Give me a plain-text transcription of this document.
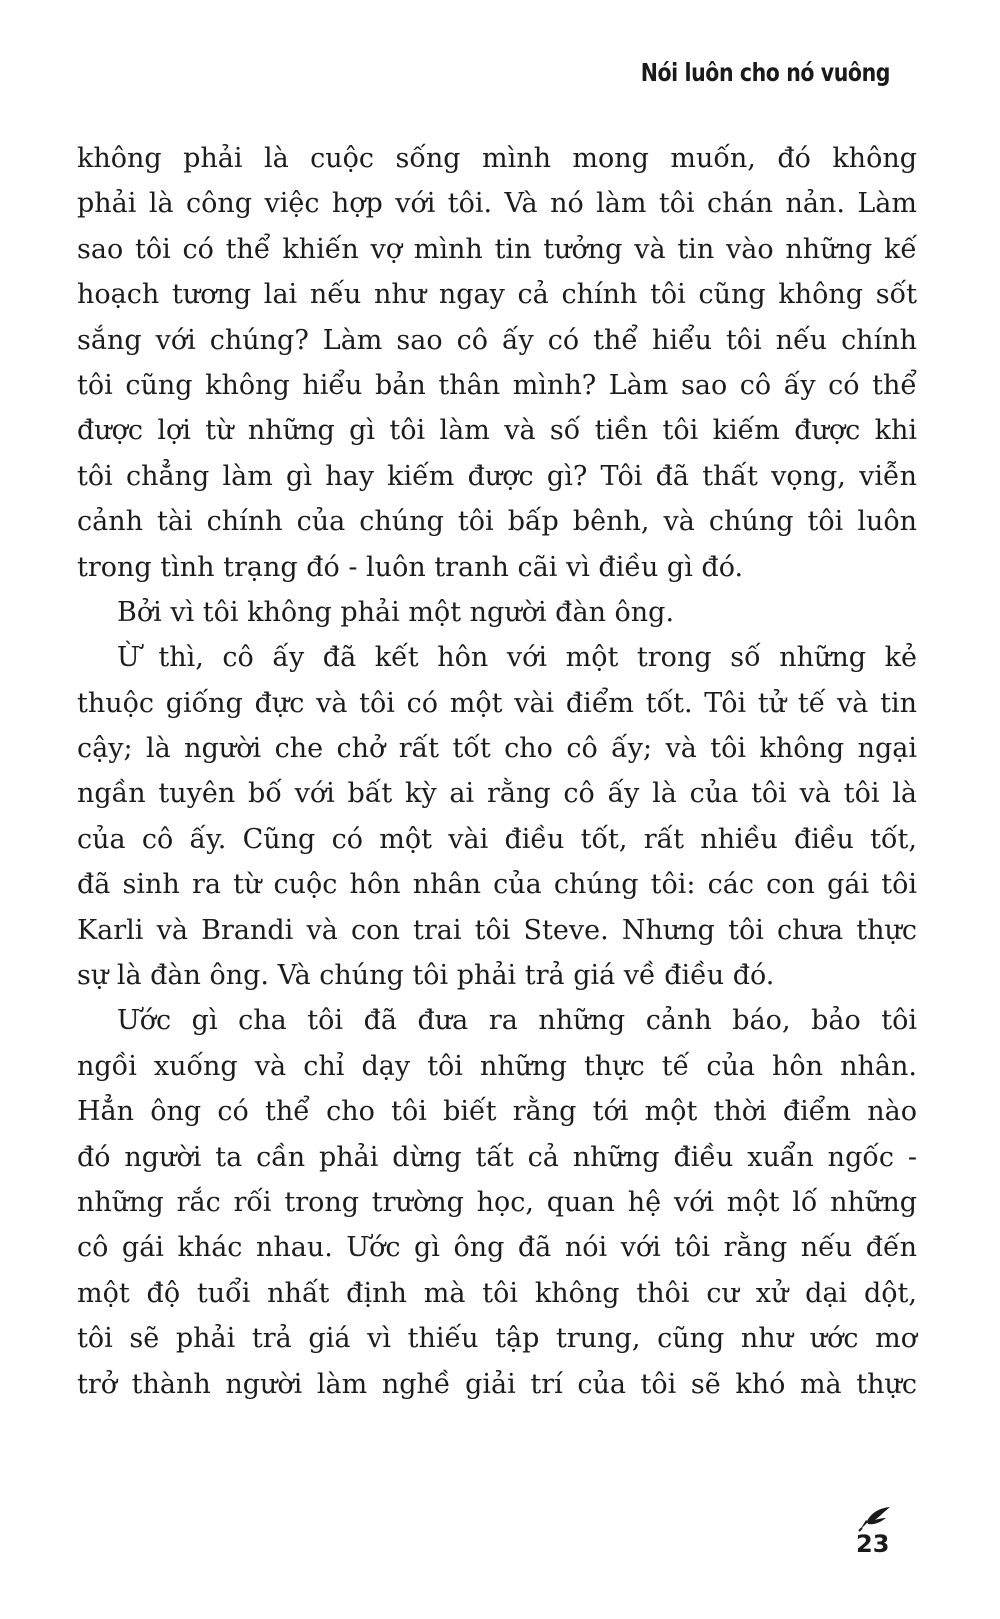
Nói luôn cho nó vuông
không phải là cuộc sống mình mong muốn, đó không
phải là công việc hợp với tôi. Và nó làm tôi chán nản. Làm
sao tôi có thể khiến vợ mình tin tưởng và tin vào những kế
hoạch tương lai nếu như ngay cả chính tôi cũng không sốt
sắng với chúng? Làm sao cô ấy có thể hiểu tôi nếu chính
tôi cũng không hiểu bản thân mình? Làm sao cô ấy có thể
được lợi từ những gì tôi làm và số tiền tôi kiếm được khi
tôi chẳng làm gì hay kiếm được gì? Tôi đã thất vọng, viễn
cảnh tài chính của chúng tôi bấp bênh, và chúng tôi luôn
trong tình trạng đó - luôn tranh cãi vì điều gì đó.
Bởi vì tôi không phải một người đàn ông.
Ừ thì, cô ấy đã kết hôn với một trong số những kẻ
thuộc giống đực và tôi có một vài điểm tốt. Tôi tử tế và tin
cậy; là người che chở rất tốt cho cô ấy; và tôi không ngại
ngần tuyên bố với bất kỳ ai rằng cô ấy là của tôi và tôi là
của cô ấy. Cũng có một vài điều tốt, rất nhiều điều tốt,
đã sinh ra từ cuộc hôn nhân của chúng tôi: các con gái tôi
Karli và Brandi và con trai tôi Steve. Nhưng tôi chưa thực
sự là đàn ông. Và chúng tôi phải trả giá về điều đó.
Ước gì cha tôi đã đưa ra những cảnh báo, bảo tôi
ngồi xuống và chỉ dạy tôi những thực tế của hôn nhân.
Hẳn ông có thể cho tôi biết rằng tới một thời điểm nào
đó người ta cần phải dừng tất cả những điều xuẩn ngốc -
những rắc rối trong trường học, quan hệ với một lố những
cô gái khác nhau. Ước gì ông đã nói với tôi rằng nếu đến
một độ tuổi nhất định mà tôi không thôi cư xử dại dột,
tôi sẽ phải trả giá vì thiếu tập trung, cũng như ước mơ
trở thành người làm nghề giải trí của tôi sẽ khó mà thực
23
